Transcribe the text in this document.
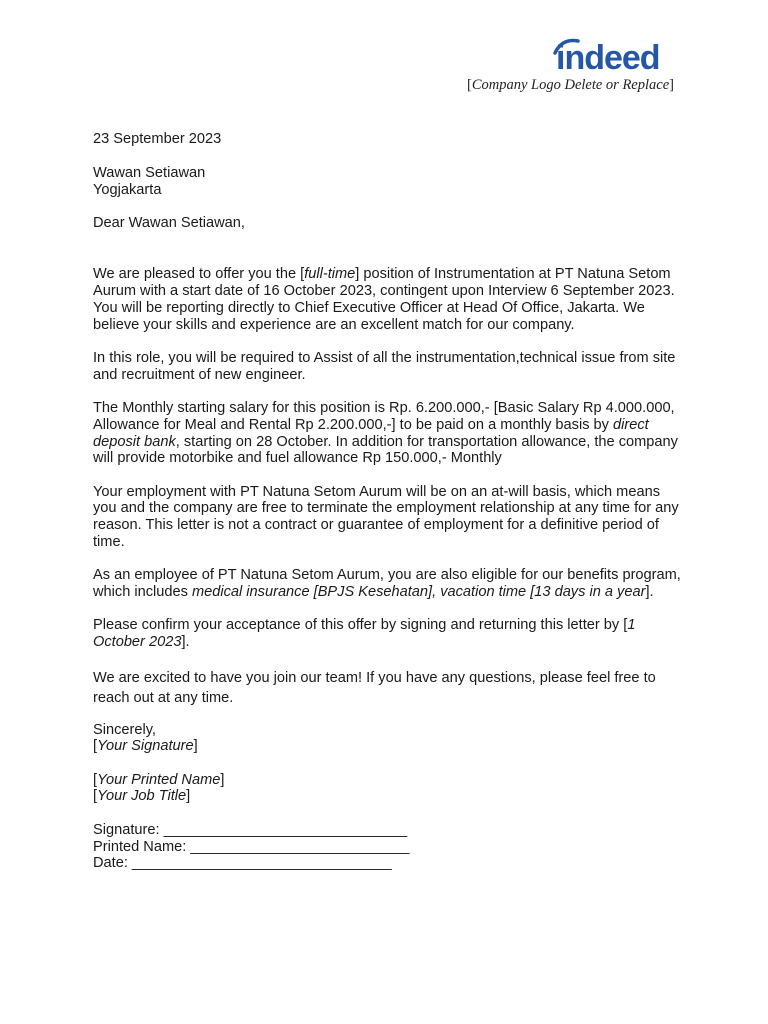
indeed
[Company Logo Delete or Replace]

23 September 2023

Wawan Setiawan

Yogjakarta

Dear Wawan Setiawan,

We are pleased to offer you the [full-time] position of Instrumentation at PT Natuna Setom Aurum with a start date of 16 October 2023, contingent upon Interview 6 September 2023. You will be reporting directly to Chief Executive Officer at Head Of Office, Jakarta. We believe your skills and experience are an excellent match for our company.

In this role, you will be required to Assist of all the instrumentation,technical issue from site and recruitment of new engineer.

The Monthly starting salary for this position is Rp. 6.200.000,- [Basic Salary Rp 4.000.000, Allowance for Meal and Rental Rp 2.200.000,-] to be paid on a monthly basis by direct deposit bank, starting on 28 October. In addition for transportation allowance, the company will provide motorbike and fuel allowance Rp 150.000,- Monthly

Your employment with PT Natuna Setom Aurum will be on an at-will basis, which means you and the company are free to terminate the employment relationship at any time for any reason. This letter is not a contract or guarantee of employment for a definitive period of time.

As an employee of PT Natuna Setom Aurum, you are also eligible for our benefits program, which includes medical insurance [BPJS Kesehatan], vacation time [13 days in a year].

Please confirm your acceptance of this offer by signing and returning this letter by [1 October 2023].

We are excited to have you join our team! If you have any questions, please feel free to reach out at any time.

Sincerely,

[Your Signature]

[Your Printed Name]

[Your Job Title]

Signature: ______________________________

Printed Name: ___________________________

Date: ________________________________
